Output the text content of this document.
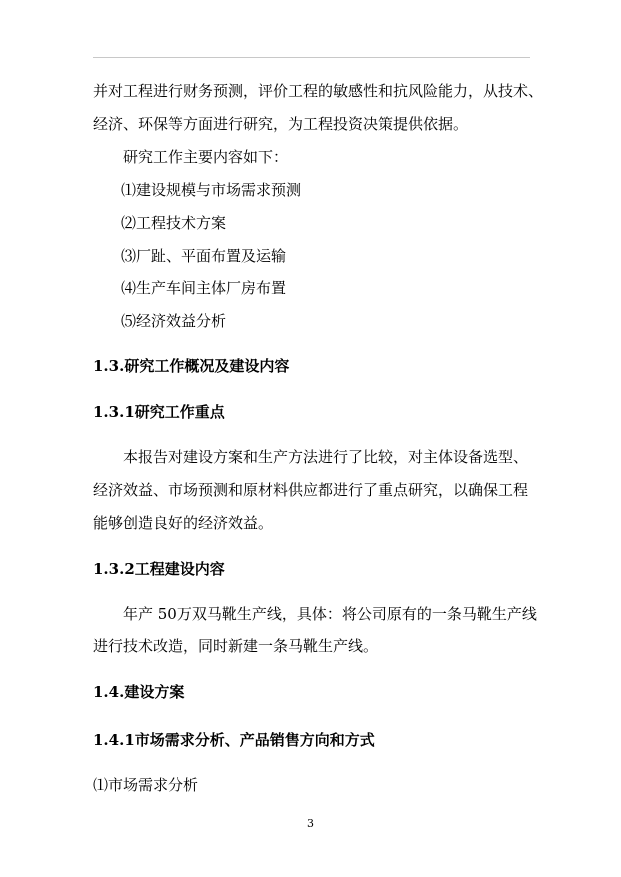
并对工程进行财务预测，评价工程的敏感性和抗风险能力，从技术、
经济、环保等方面进行研究，为工程投资决策提供依据。
研究工作主要内容如下：
⑴建设规模与市场需求预测
⑵工程技术方案
⑶厂趾、平面布置及运输
⑷生产车间主体厂房布置
⑸经济效益分析
1.3.研究工作概况及建设内容
1.3.1研究工作重点
本报告对建设方案和生产方法进行了比较，对主体设备选型、
经济效益、市场预测和原材料供应都进行了重点研究，以确保工程
能够创造良好的经济效益。
1.3.2工程建设内容
年产 50万双马靴生产线，具体：将公司原有的一条马靴生产线
进行技术改造，同时新建一条马靴生产线。
1.4.建设方案
1.4.1市场需求分析、产品销售方向和方式
⑴市场需求分析
3
